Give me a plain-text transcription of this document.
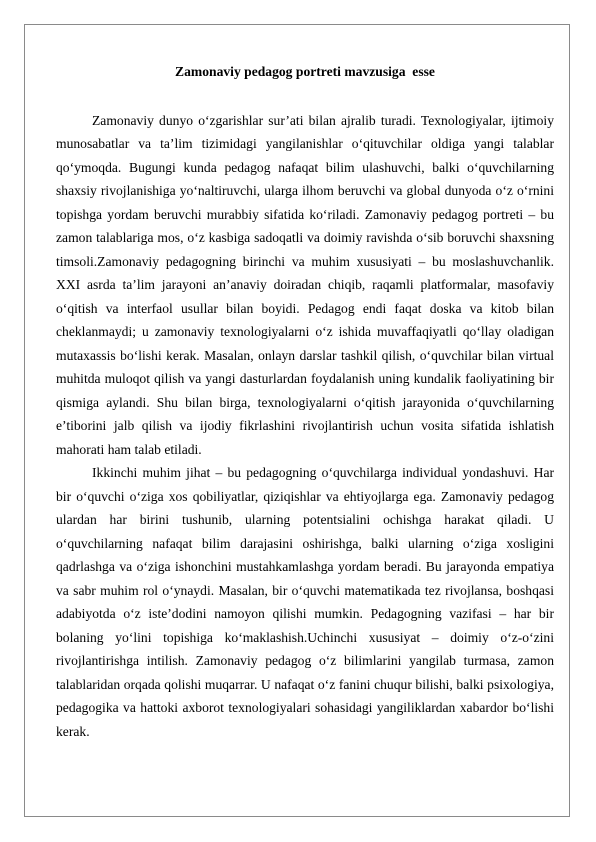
Zamonaviy pedagog portreti mavzusiga  esse

Zamonaviy dunyo o‘zgarishlar sur’ati bilan ajralib turadi. Texnologiyalar, ijtimoiy munosabatlar va ta’lim tizimidagi yangilanishlar o‘qituvchilar oldiga yangi talablar qo‘ymoqda. Bugungi kunda pedagog nafaqat bilim ulashuvchi, balki o‘quvchilarning shaxsiy rivojlanishiga yo‘naltiruvchi, ularga ilhom beruvchi va global dunyoda o‘z o‘rnini topishga yordam beruvchi murabbiy sifatida ko‘riladi. Zamonaviy pedagog portreti – bu zamon talablariga mos, o‘z kasbiga sadoqatli va doimiy ravishda o‘sib boruvchi shaxsning timsoli.Zamonaviy pedagogning birinchi va muhim xususiyati – bu moslashuvchanlik. XXI asrda ta’lim jarayoni an’anaviy doiradan chiqib, raqamli platformalar, masofaviy o‘qitish va interfaol usullar bilan boyidi. Pedagog endi faqat doska va kitob bilan cheklanmaydi; u zamonaviy texnologiyalarni o‘z ishida muvaffaqiyatli qo‘llay oladigan mutaxassis bo‘lishi kerak. Masalan, onlayn darslar tashkil qilish, o‘quvchilar bilan virtual muhitda muloqot qilish va yangi dasturlardan foydalanish uning kundalik faoliyatining bir qismiga aylandi. Shu bilan birga, texnologiyalarni o‘qitish jarayonida o‘quvchilarning e’tiborini jalb qilish va ijodiy fikrlashini rivojlantirish uchun vosita sifatida ishlatish mahorati ham talab etiladi.

Ikkinchi muhim jihat – bu pedagogning o‘quvchilarga individual yondashuvi. Har bir o‘quvchi o‘ziga xos qobiliyatlar, qiziqishlar va ehtiyojlarga ega. Zamonaviy pedagog ulardan har birini tushunib, ularning potentsialini ochishga harakat qiladi. U o‘quvchilarning nafaqat bilim darajasini oshirishga, balki ularning o‘ziga xosligini qadrlashga va o‘ziga ishonchini mustahkamlashga yordam beradi. Bu jarayonda empatiya va sabr muhim rol o‘ynaydi. Masalan, bir o‘quvchi matematikada tez rivojlansa, boshqasi adabiyotda o‘z iste’dodini namoyon qilishi mumkin. Pedagogning vazifasi – har bir bolaning yo‘lini topishiga ko‘maklashish.Uchinchi xususiyat – doimiy o‘z-o‘zini rivojlantirishga intilish. Zamonaviy pedagog o‘z bilimlarini yangilab turmasa, zamon talablaridan orqada qolishi muqarrar. U nafaqat o‘z fanini chuqur bilishi, balki psixologiya, pedagogika va hattoki axborot texnologiyalari sohasidagi yangiliklardan xabardor bo‘lishi kerak.
